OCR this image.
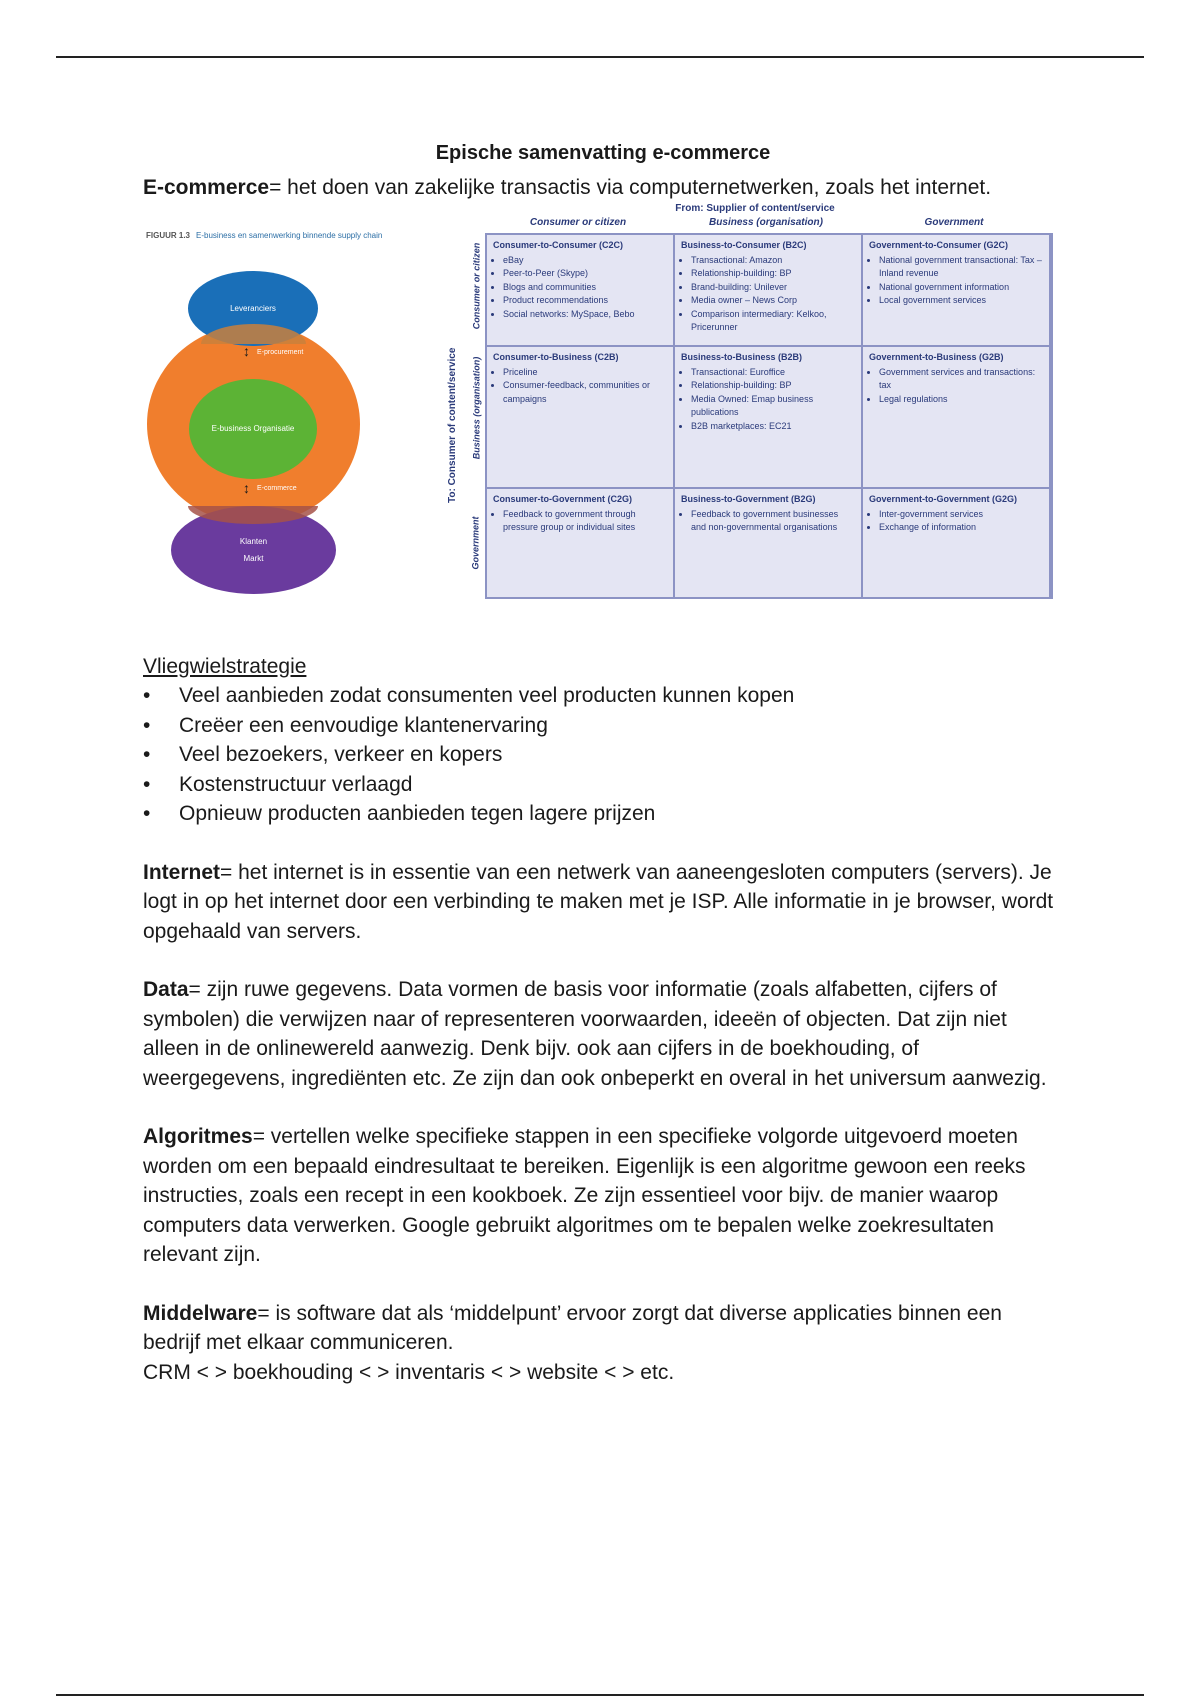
Epische samenvatting e-commerce

E-commerce= het doen van zakelijke transactis via computernetwerken, zoals het internet.

FIGUUR 1.3 E-business en samenwerking binnende supply chain
Leveranciers
Klanten
Markt
E-business Organisatie
↕ E-procurement
↕ E-commerce
From: Supplier of content/service
Consumer or citizen	Business (organisation)	Government
To: Consumer of content/service
Consumer or citizen
Business (organisation)
Government
Consumer-to-Consumer (C2C)
• eBay
• Peer-to-Peer (Skype)
• Blogs and communities
• Product recommendations
• Social networks: MySpace, Bebo
Business-to-Consumer (B2C)
• Transactional: Amazon
• Relationship-building: BP
• Brand-building: Unilever
• Media owner – News Corp
• Comparison intermediary: Kelkoo, Pricerunner
Government-to-Consumer (G2C)
• National government transactional: Tax – Inland revenue
• National government information
• Local government services
Consumer-to-Business (C2B)
• Priceline
• Consumer-feedback, communities or campaigns
Business-to-Business (B2B)
• Transactional: Euroffice
• Relationship-building: BP
• Media Owned: Emap business publications
• B2B marketplaces: EC21
Government-to-Business (G2B)
• Government services and transactions: tax
• Legal regulations
Consumer-to-Government (C2G)
• Feedback to government through pressure group or individual sites
Business-to-Government (B2G)
• Feedback to government businesses and non-governmental organisations
Government-to-Government (G2G)
• Inter-government services
• Exchange of information

Vliegwielstrategie

• Veel aanbieden zodat consumenten veel producten kunnen kopen
• Creëer een eenvoudige klantenervaring
• Veel bezoekers, verkeer en kopers
• Kostenstructuur verlaagd
• Opnieuw producten aanbieden tegen lagere prijzen

Internet= het internet is in essentie van een netwerk van aaneengesloten computers (servers). Je logt in op het internet door een verbinding te maken met je ISP. Alle informatie in je browser, wordt opgehaald van servers.

Data= zijn ruwe gegevens. Data vormen de basis voor informatie (zoals alfabetten, cijfers of symbolen) die verwijzen naar of representeren voorwaarden, ideeën of objecten. Dat zijn niet alleen in de onlinewereld aanwezig. Denk bijv. ook aan cijfers in de boekhouding, of weergegevens, ingrediënten etc. Ze zijn dan ook onbeperkt en overal in het universum aanwezig.

Algoritmes= vertellen welke specifieke stappen in een specifieke volgorde uitgevoerd moeten worden om een bepaald eindresultaat te bereiken. Eigenlijk is een algoritme gewoon een reeks instructies, zoals een recept in een kookboek. Ze zijn essentieel voor bijv. de manier waarop computers data verwerken. Google gebruikt algoritmes om te bepalen welke zoekresultaten relevant zijn.

Middelware= is software dat als ‘middelpunt’ ervoor zorgt dat diverse applicaties binnen een bedrijf met elkaar communiceren.

CRM < > boekhouding < > inventaris < > website < > etc.
